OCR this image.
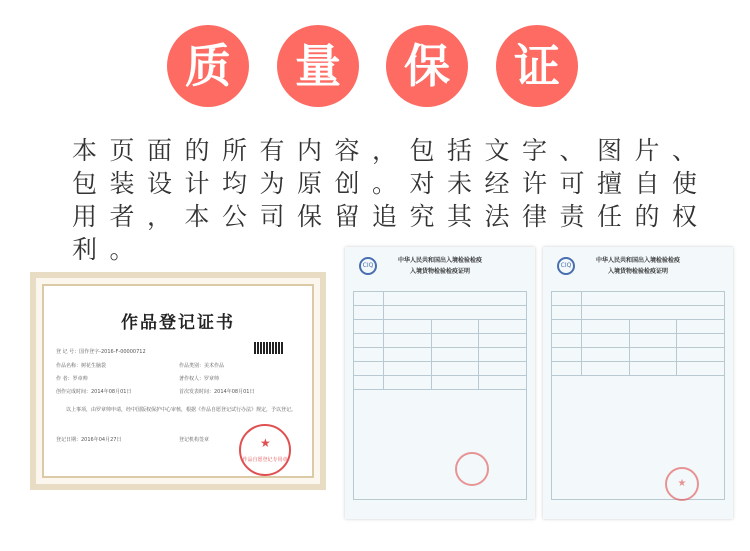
质	量	保	证

本页面的所有内容，包括文字、图片、包装设计均为原创。对未经许可擅自使用者，本公司保留追究其法律责任的权利。

作品登记证书
登 记 号：国作登字-2016-F-00000712
作品名称：树花生脑袋	作品类别：美术作品
作 者：罗章帅	著作权人：罗章帅
创作完成时间：2014年08月01日	首次发表时间：2014年08月01日
以上事项，由罗章帅申请，经中国版权保护中心审核，根据《作品自愿登记试行办法》规定，予以登记。
登记日期：2016年04月27日	登记机构签章	★
作品自愿登记专用章
CIQ
中华人民共和国出入境检验检疫
入境货物检验检疫证明

CIQ
中华人民共和国出入境检验检疫
入境货物检验检疫证明

★
